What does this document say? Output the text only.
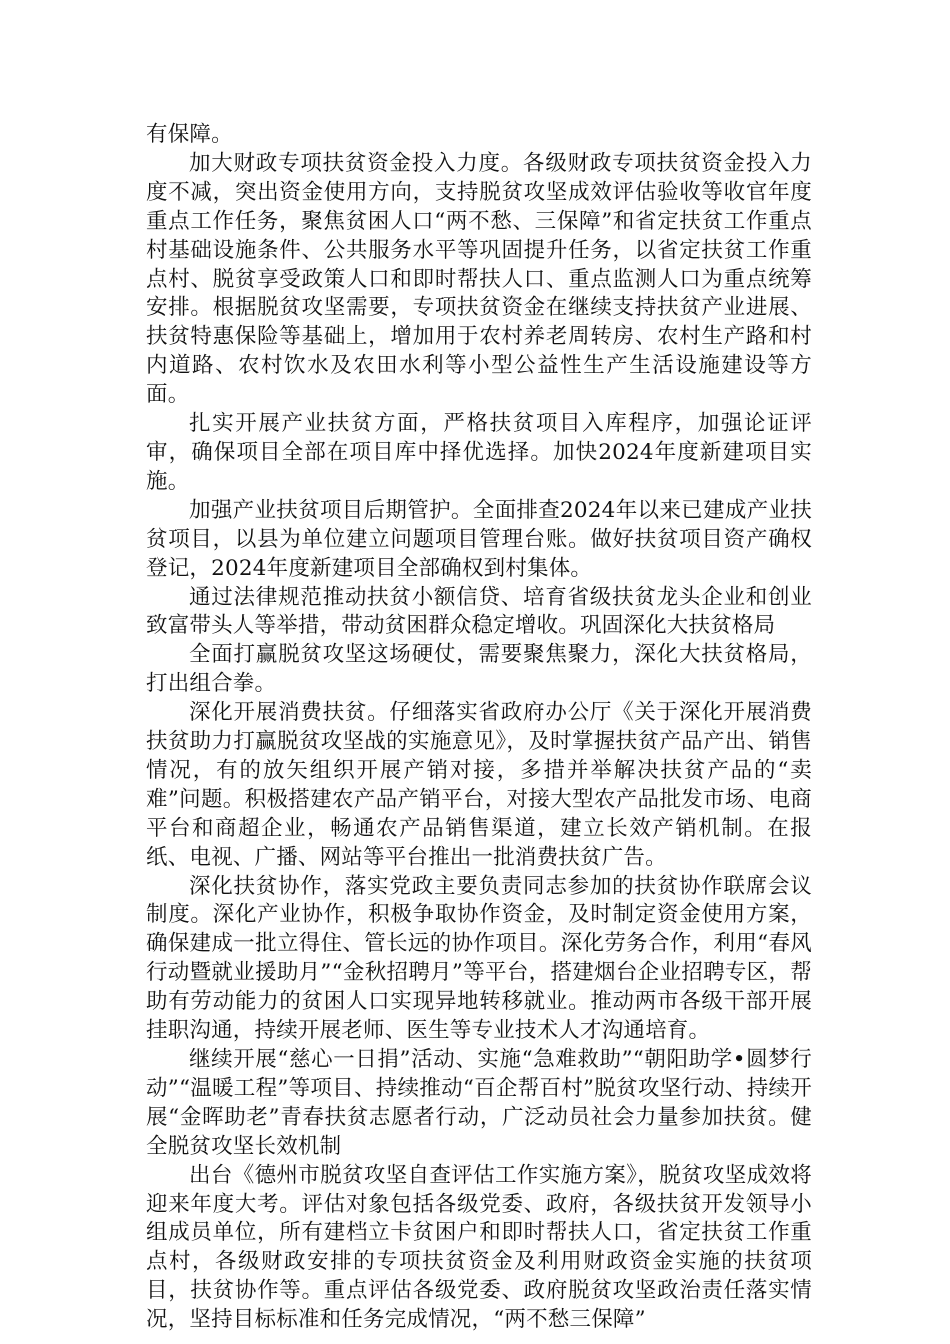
有保障。

加大财政专项扶贫资金投入力度。各级财政专项扶贫资金投入力度不减，突出资金使用方向，支持脱贫攻坚成效评估验收等收官年度重点工作任务，聚焦贫困人口“两不愁、三保障”和省定扶贫工作重点村基础设施条件、公共服务水平等巩固提升任务，以省定扶贫工作重点村、脱贫享受政策人口和即时帮扶人口、重点监测人口为重点统筹安排。根据脱贫攻坚需要，专项扶贫资金在继续支持扶贫产业进展、扶贫特惠保险等基础上，增加用于农村养老周转房、农村生产路和村内道路、农村饮水及农田水利等小型公益性生产生活设施建设等方面。

扎实开展产业扶贫方面，严格扶贫项目入库程序，加强论证评审，确保项目全部在项目库中择优选择。加快2024年度新建项目实施。

加强产业扶贫项目后期管护。全面排查2024年以来已建成产业扶贫项目，以县为单位建立问题项目管理台账。做好扶贫项目资产确权登记，2024年度新建项目全部确权到村集体。

通过法律规范推动扶贫小额信贷、培育省级扶贫龙头企业和创业致富带头人等举措，带动贫困群众稳定增收。巩固深化大扶贫格局

全面打赢脱贫攻坚这场硬仗，需要聚焦聚力，深化大扶贫格局，打出组合拳。

深化开展消费扶贫。仔细落实省政府办公厅《关于深化开展消费扶贫助力打赢脱贫攻坚战的实施意见》，及时掌握扶贫产品产出、销售情况，有的放矢组织开展产销对接，多措并举解决扶贫产品的“卖难”问题。积极搭建农产品产销平台，对接大型农产品批发市场、电商平台和商超企业，畅通农产品销售渠道，建立长效产销机制。在报纸、电视、广播、网站等平台推出一批消费扶贫广告。

深化扶贫协作，落实党政主要负责同志参加的扶贫协作联席会议制度。深化产业协作，积极争取协作资金，及时制定资金使用方案，确保建成一批立得住、管长远的协作项目。深化劳务合作，利用“春风行动暨就业援助月”“金秋招聘月”等平台，搭建烟台企业招聘专区，帮助有劳动能力的贫困人口实现异地转移就业。推动两市各级干部开展挂职沟通，持续开展老师、医生等专业技术人才沟通培育。

继续开展“慈心一日捐”活动、实施“急难救助”“朝阳助学•圆梦行动”“温暖工程”等项目、持续推动“百企帮百村”脱贫攻坚行动、持续开展“金晖助老”青春扶贫志愿者行动，广泛动员社会力量参加扶贫。健全脱贫攻坚长效机制

出台《德州市脱贫攻坚自查评估工作实施方案》，脱贫攻坚成效将迎来年度大考。评估对象包括各级党委、政府，各级扶贫开发领导小组成员单位，所有建档立卡贫困户和即时帮扶人口，省定扶贫工作重点村，各级财政安排的专项扶贫资金及利用财政资金实施的扶贫项目，扶贫协作等。重点评估各级党委、政府脱贫攻坚政治责任落实情况，坚持目标标准和任务完成情况，“两不愁三保障”
